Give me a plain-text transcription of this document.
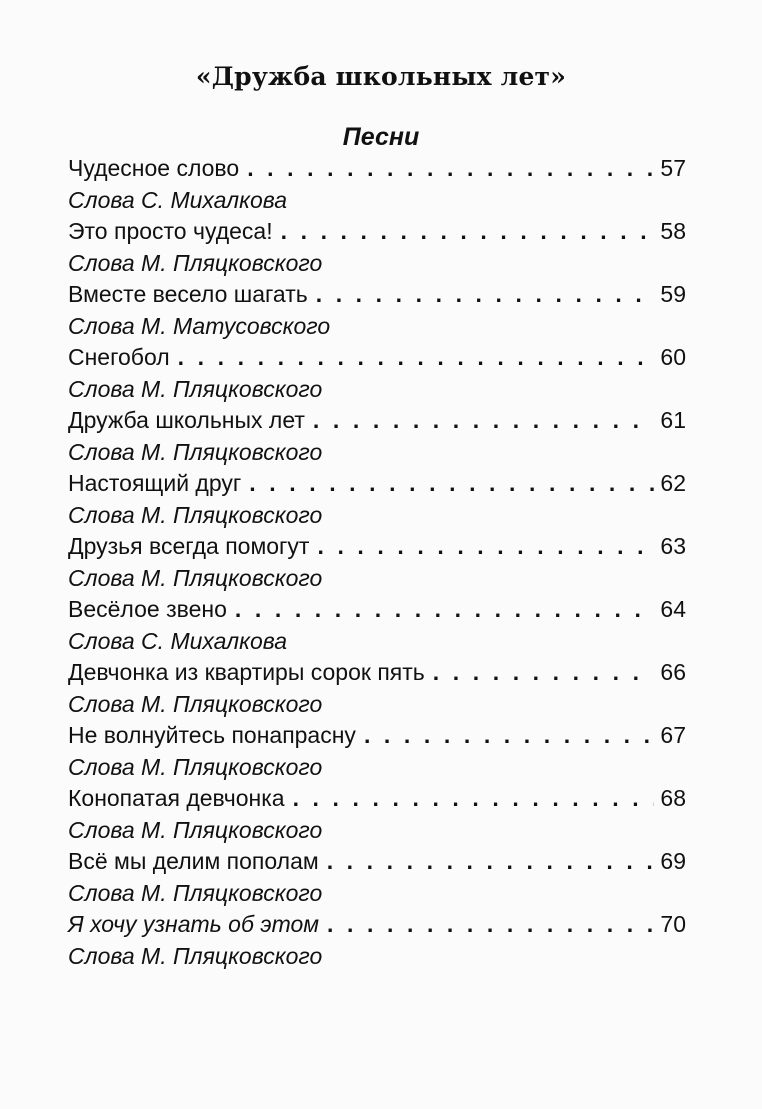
«Дружба школьных лет»
Песни
Чудесное слово . . .	57
Слова С. Михалкова
Это просто чудеса! . . .	58
Слова М. Пляцковского
Вместе весело шагать . . .	59
Слова М. Матусовского
Снегобол . . .	60
Слова М. Пляцковского
Дружба школьных лет . . .	61
Слова М. Пляцковского
Настоящий друг . . .	62
Слова М. Пляцковского
Друзья всегда помогут . . .	63
Слова М. Пляцковского
Весёлое звено . . .	64
Слова С. Михалкова
Девчонка из квартиры сорок пять . . .	66
Слова М. Пляцковского
Не волнуйтесь понапрасну . . .	67
Слова М. Пляцковского
Конопатая девчонка . . .	68
Слова М. Пляцковского
Всё мы делим пополам . . .	69
Слова М. Пляцковского
Я хочу узнать об этом . . .	70
Слова М. Пляцковского
